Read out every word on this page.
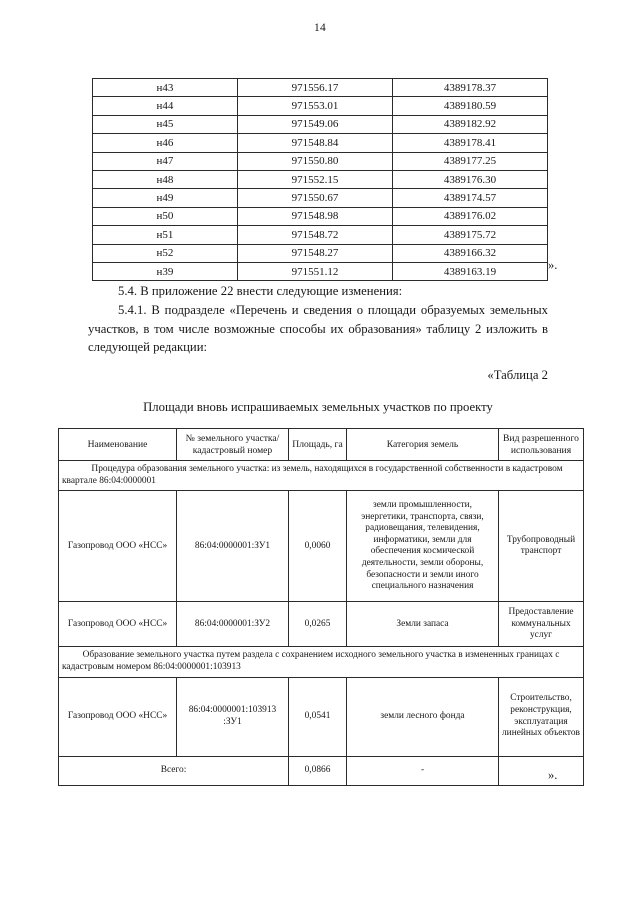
14
н43	971556.17	4389178.37
н44	971553.01	4389180.59
н45	971549.06	4389182.92
н46	971548.84	4389178.41
н47	971550.80	4389177.25
н48	971552.15	4389176.30
н49	971550.67	4389174.57
н50	971548.98	4389176.02
н51	971548.72	4389175.72
н52	971548.27	4389166.32
н39	971551.12	4389163.19	».
5.4. В приложение 22 внести следующие изменения:
5.4.1. В подразделе «Перечень и сведения о площади образуемых земельных участков, в том числе возможные способы их образования» таблицу 2 изложить в следующей редакции:
«Таблица 2
Площади вновь испрашиваемых земельных участков по проекту
Наименование	№ земельного участка/ кадастровый номер	Площадь, га	Категория земель	Вид разрешенного использования
Процедура образования земельного участка: из земель, находящихся в государственной собственности в кадастровом квартале 86:04:0000001				
Газопровод ООО «НСС»	86:04:0000001:ЗУ1	0,0060	земли промышленности, энергетики, транспорта, связи, радиовещания, телевидения, информатики, земли для обеспечения космической деятельности, земли обороны, безопасности и земли иного специального назначения	Трубопроводный транспорт
Газопровод ООО «НСС»	86:04:0000001:ЗУ2	0,0265	Земли запаса	Предоставление коммунальных услуг
Образование земельного участка путем раздела с сохранением исходного земельного участка в измененных границах с кадастровым номером 86:04:0000001:103913				
Газопровод ООО «НСС»	86:04:0000001:103913 :ЗУ1	0,0541	земли лесного фонда	Строительство, реконструкция, эксплуатация линейных объектов
Всего:		0,0866	-		».
